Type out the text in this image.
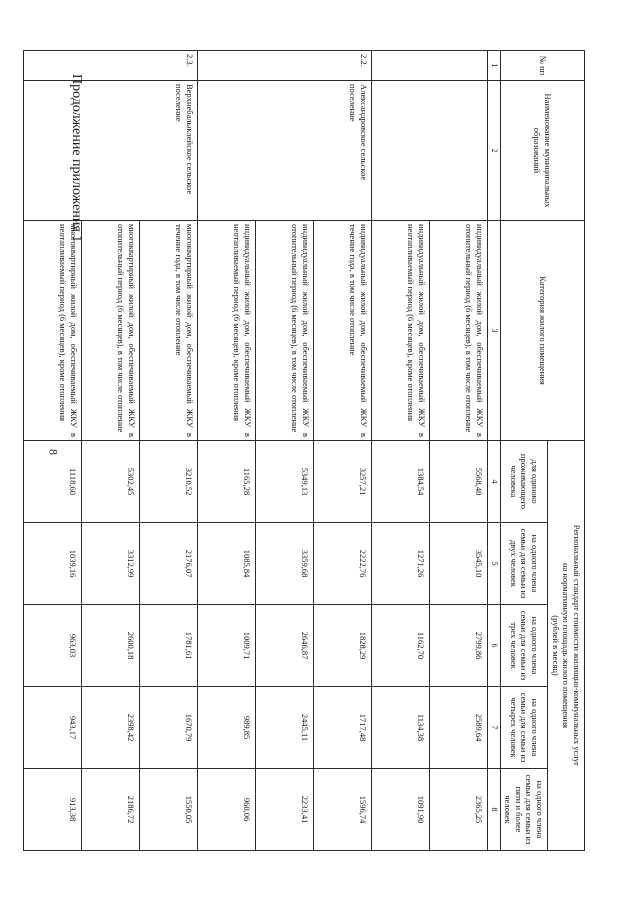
8
Продолжение приложения 1
№ пп	Наименование муниципальных образований	Категория жилого помещения	Региональный стандарт стоимости жилищно-коммунальных услуг
на нормативную площадь жилого помещения
(рублей в месяц)				

			для одиноко проживающего человека	на одного члена семьи для семьи из двух человек	на одного члена семьи для семьи из трех человек	на одного члена семьи для семьи из четырех человек	на одного члена семьи для семьи из пяти и более человек
1	2	3	4	5	6	7	8
		индивидуальный жилой дом, обеспечиваемый ЖКУ в отопительный период (6 месяцев), в том числе отопление	5568,40	3545,10	2799,86	2589,64	2365,25
		индивидуальный жилой дом, обеспечиваемый ЖКУ в неотапливаемый период (6 месяцев), кроме отопления	1384,54	1271,26	1162,70	1134,38	1091,90
2.2.	Александровское сельское поселение	индивидуальный жилой дом, обеспечиваемый ЖКУ в течение года, в том числе отопление	3257,21	2222,76	1828,29	1717,48	1596,74
		индивидуальный жилой дом, обеспечиваемый ЖКУ в отопительный период (6 месяцев), в том числе отопление	5349,13	3359,68	2646,87	2445,11	2233,41
		индивидуальный жилой дом, обеспечиваемый ЖКУ в неотапливаемый период (6 месяцев), кроме отопления	1165,28	1085,84	1009,71	989,85	960,06
2.3.	Верхнебалыклейское сельское поселение	многоквартирный жилой дом, обеспечиваемый ЖКУ в течение года, в том числе отопление	3210,52	2176,07	1781,61	1670,79	1550,05
		многоквартирный жилой дом, обеспечиваемый ЖКУ в отопительный период (6 месяцев), в том числе отопление	5302,45	3312,99	2600,18	2398,42	2186,72
		многоквартирный жилой дом, обеспечиваемый ЖКУ в неотапливаемый период (6 месяцев), кроме отопления	1118,60	1039,16	963,03	943,17	913,38
